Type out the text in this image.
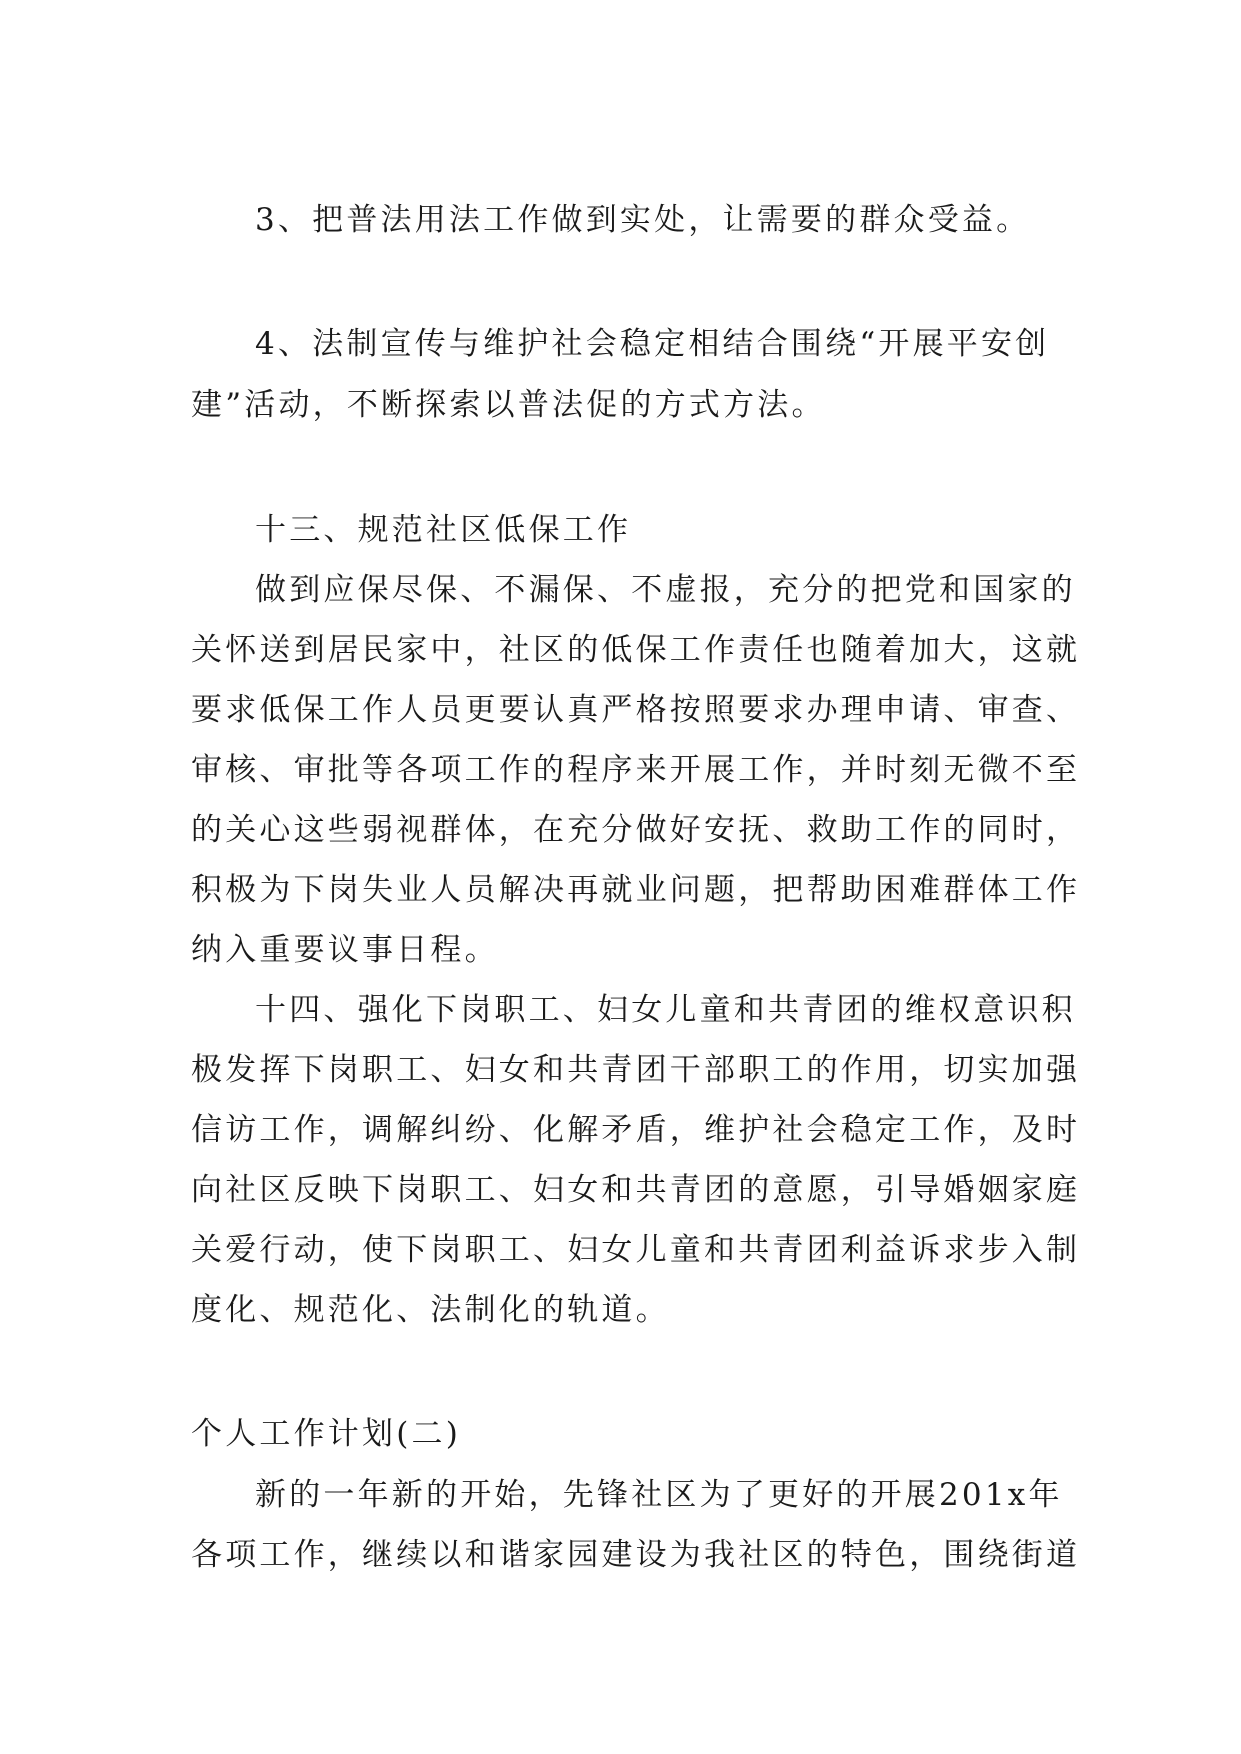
3、把普法用法工作做到实处，让需要的群众受益。
4、法制宣传与维护社会稳定相结合围绕“开展平安创
建”活动，不断探索以普法促的方式方法。
十三、规范社区低保工作
做到应保尽保、不漏保、不虚报，充分的把党和国家的
关怀送到居民家中，社区的低保工作责任也随着加大，这就
要求低保工作人员更要认真严格按照要求办理申请、审查、
审核、审批等各项工作的程序来开展工作，并时刻无微不至
的关心这些弱视群体，在充分做好安抚、救助工作的同时，
积极为下岗失业人员解决再就业问题，把帮助困难群体工作
纳入重要议事日程。
十四、强化下岗职工、妇女儿童和共青团的维权意识积
极发挥下岗职工、妇女和共青团干部职工的作用，切实加强
信访工作，调解纠纷、化解矛盾，维护社会稳定工作，及时
向社区反映下岗职工、妇女和共青团的意愿，引导婚姻家庭
关爱行动，使下岗职工、妇女儿童和共青团利益诉求步入制
度化、规范化、法制化的轨道。
个人工作计划(二)
新的一年新的开始，先锋社区为了更好的开展201x年
各项工作，继续以和谐家园建设为我社区的特色，围绕街道
